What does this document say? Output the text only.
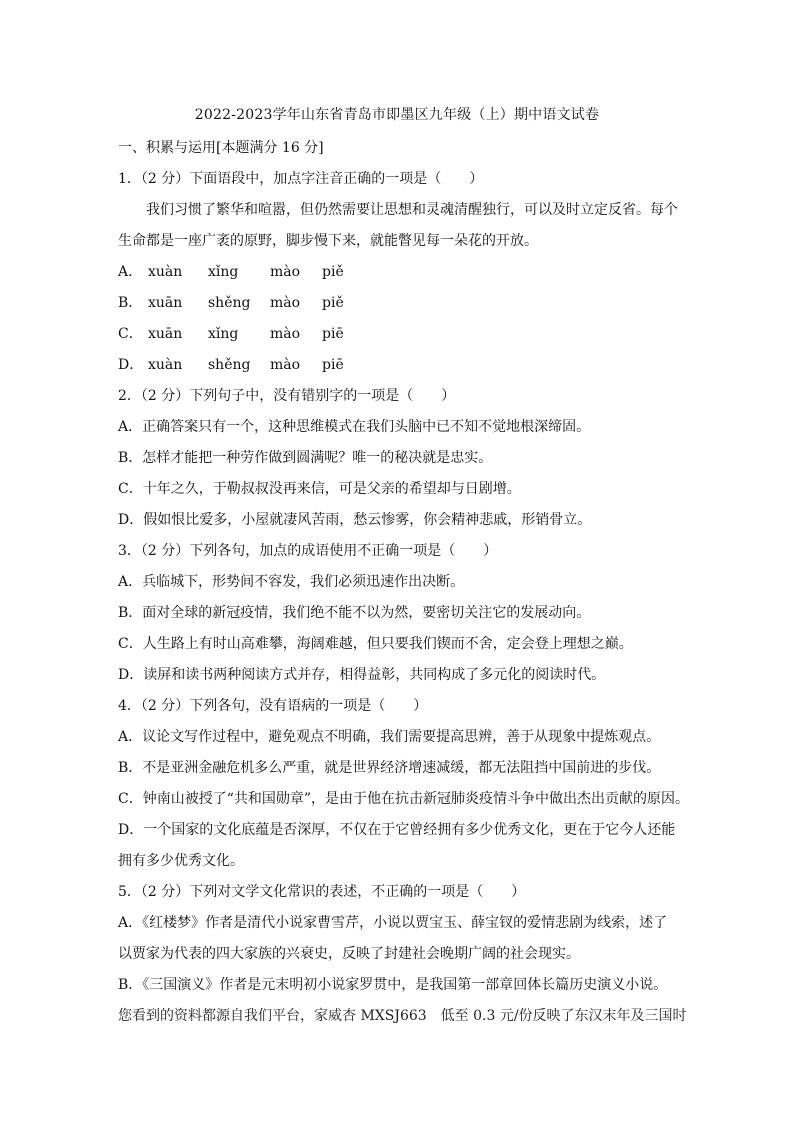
2022-2023学年山东省青岛市即墨区九年级（上）期中语文试卷
一、积累与运用[本题满分 16 分]
1．（2 分）下面语段中，加点字注音正确的一项是（　　）
我们习惯了繁华和喧嚣，但仍然需要让思想和灵魂清醒独行，可以及时立定反省。每个
生命都是一座广袤的原野，脚步慢下来，就能瞥见每一朵花的开放。
A． xuàn xǐng mào piě
B． xuān shěng mào piě
C． xuān xǐng mào piē
D． xuàn shěng mào piē
2．（2 分）下列句子中，没有错别字的一项是（　　）
A．正确答案只有一个，这种思维模式在我们头脑中已不知不觉地根深缔固。
B．怎样才能把一种劳作做到圆满呢？唯一的秘决就是忠实。
C．十年之久，于勒叔叔没再来信，可是父亲的希望却与日剧增。
D．假如恨比爱多，小屋就凄风苦雨，愁云惨雾，你会精神悲戚，形销骨立。
3．（2 分）下列各句，加点的成语使用不正确一项是（　　）
A．兵临城下，形势间不容发，我们必须迅速作出决断。
B．面对全球的新冠疫情，我们绝不能不以为然，要密切关注它的发展动向。
C．人生路上有时山高难攀，海阔难越，但只要我们锲而不舍，定会登上理想之巅。
D．读屏和读书两种阅读方式并存，相得益彰，共同构成了多元化的阅读时代。
4．（2 分）下列各句，没有语病的一项是（　　）
A．议论文写作过程中，避免观点不明确，我们需要提高思辨，善于从现象中提炼观点。
B．不是亚洲金融危机多么严重，就是世界经济增速减缓，都无法阻挡中国前进的步伐。
C．钟南山被授了“共和国勋章”，是由于他在抗击新冠肺炎疫情斗争中做出杰出贡献的原因。
D．一个国家的文化底蕴是否深厚，不仅在于它曾经拥有多少优秀文化，更在于它今人还能
拥有多少优秀文化。
5．（2 分）下列对文学文化常识的表述，不正确的一项是（　　）
A．《红楼梦》作者是清代小说家曹雪芹，小说以贾宝玉、薛宝钗的爱情悲剧为线索，述了
以贾家为代表的四大家族的兴衰史，反映了封建社会晚期广阔的社会现实。
B．《三国演义》作者是元末明初小说家罗贯中，是我国第一部章回体长篇历史演义小说。
您看到的资料都源自我们平台，家威杏 MXSJ663　低至 0.3 元/份反映了东汉末年及三国时
